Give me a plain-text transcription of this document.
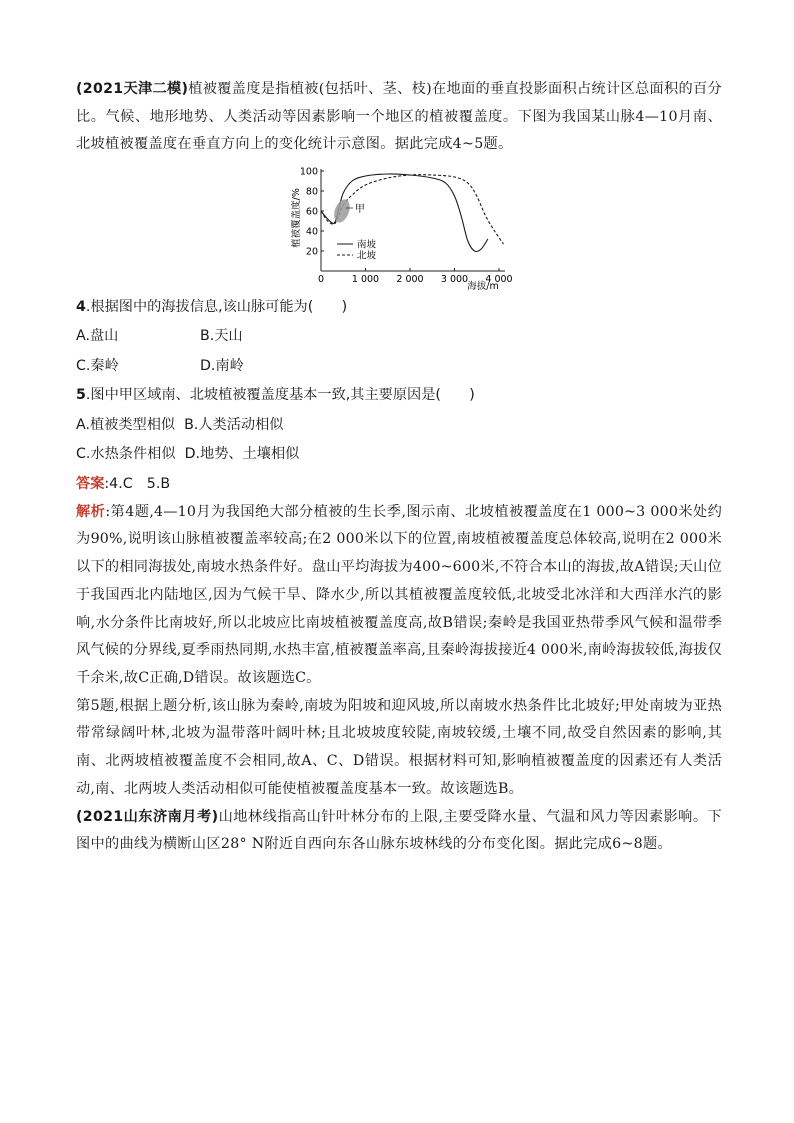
(2021天津二模)植被覆盖度是指植被(包括叶、茎、枝)在地面的垂直投影面积占统计区总面积的百分比。气候、地形地势、人类活动等因素影响一个地区的植被覆盖度。下图为我国某山脉4—10月南、北坡植被覆盖度在垂直方向上的变化统计示意图。据此完成4~5题。

植被覆盖度/%
海拔/m
0	1 000 2 000 3 000 4 000
20
40
60
80
100
甲
南坡
北坡

4.根据图中的海拔信息,该山脉可能为(　　)

A.盘山	B.天山

C.秦岭	D.南岭

5.图中甲区域南、北坡植被覆盖度基本一致,其主要原因是(　　)

A.植被类型相似 B.人类活动相似

C.水热条件相似 D.地势、土壤相似

答案:4.C　5.B

解析:第4题,4—10月为我国绝大部分植被的生长季,图示南、北坡植被覆盖度在1 000~3 000米处约为90%,说明该山脉植被覆盖率较高;在2 000米以下的位置,南坡植被覆盖度总体较高,说明在2 000米以下的相同海拔处,南坡水热条件好。盘山平均海拔为400~600米,不符合本山的海拔,故A错误;天山位于我国西北内陆地区,因为气候干旱、降水少,所以其植被覆盖度较低,北坡受北冰洋和大西洋水汽的影响,水分条件比南坡好,所以北坡应比南坡植被覆盖度高,故B错误;秦岭是我国亚热带季风气候和温带季风气候的分界线,夏季雨热同期,水热丰富,植被覆盖率高,且秦岭海拔接近4 000米,南岭海拔较低,海拔仅千余米,故C正确,D错误。故该题选C。

第5题,根据上题分析,该山脉为秦岭,南坡为阳坡和迎风坡,所以南坡水热条件比北坡好;甲处南坡为亚热带常绿阔叶林,北坡为温带落叶阔叶林;且北坡坡度较陡,南坡较缓,土壤不同,故受自然因素的影响,其南、北两坡植被覆盖度不会相同,故A、C、D错误。根据材料可知,影响植被覆盖度的因素还有人类活动,南、北两坡人类活动相似可能使植被覆盖度基本一致。故该题选B。

(2021山东济南月考)山地林线指高山针叶林分布的上限,主要受降水量、气温和风力等因素影响。下图中的曲线为横断山区28° N附近自西向东各山脉东坡林线的分布变化图。据此完成6~8题。
